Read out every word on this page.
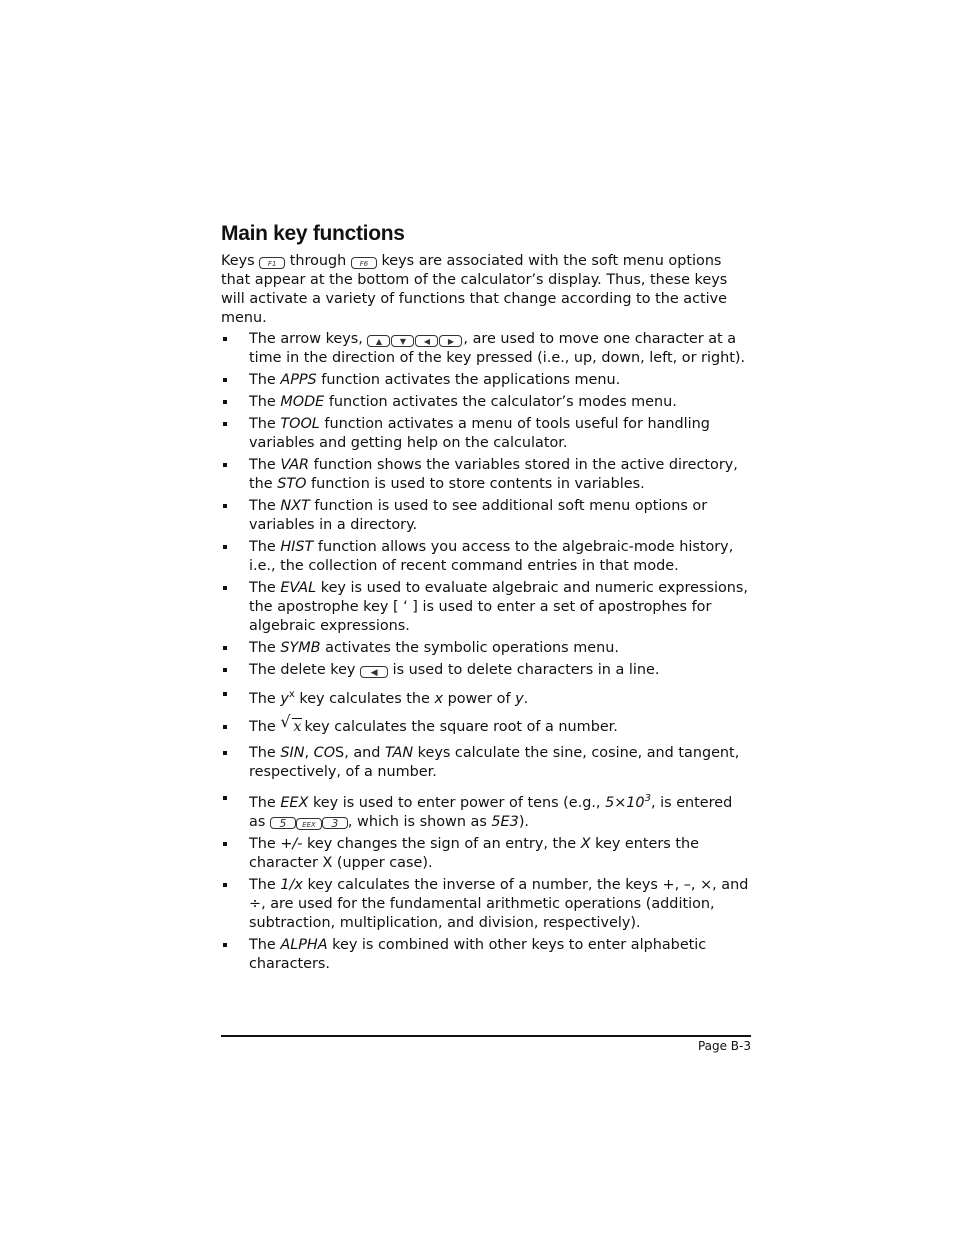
Main key functions

Keys F1 through F6 keys are associated with the soft menu options that appear at the bottom of the calculator’s display. Thus, these keys will activate a variety of functions that change according to the active menu.

The arrow keys, ▲ ▼ ◀ ▶ , are used to move one character at a time in the direction of the key pressed (i.e., up, down, left, or right).
The APPS function activates the applications menu.
The MODE function activates the calculator’s modes menu.
The TOOL function activates a menu of tools useful for handling variables and getting help on the calculator.
The VAR function shows the variables stored in the active directory, the STO function is used to store contents in variables.
The NXT function is used to see additional soft menu options or variables in a directory.
The HIST function allows you access to the algebraic-mode history, i.e., the collection of recent command entries in that mode.
The EVAL key is used to evaluate algebraic and numeric expressions, the apostrophe key [ ‘ ] is used to enter a set of apostrophes for algebraic expressions.
The SYMB activates the symbolic operations menu.
The delete key ◀ is used to delete characters in a line.
The $y^x$ key calculates the x power of y.
The √ x key calculates the square root of a number.
The SIN, COS, and TAN keys calculate the sine, cosine, and tangent, respectively, of a number.
The EEX key is used to enter power of tens (e.g., $5\times 10^3$, is entered as 5 EEX 3 , which is shown as 5E3).
The +/- key changes the sign of an entry, the X key enters the character X (upper case).
The 1/x key calculates the inverse of a number, the keys +, –, ×, and ÷, are used for the fundamental arithmetic operations (addition, subtraction, multiplication, and division, respectively).
The ALPHA key is combined with other keys to enter alphabetic characters.
Page B-3
